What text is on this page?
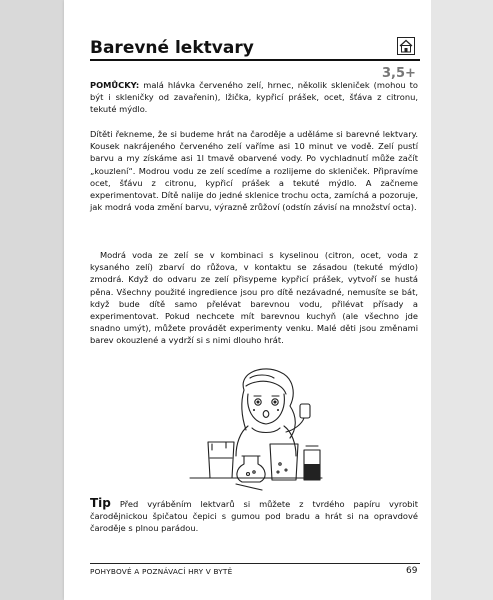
Barevné lektvary
3,5+

POMŮCKY: malá hlávka červeného zelí, hrnec, několik skleniček (mohou to být i skleničky od zavařenin), lžička, kypřicí prášek, ocet, šťáva z citronu, tekuté mýdlo.

Dítěti řekneme, že si budeme hrát na čaroděje a uděláme si barevné lektvary. Kousek nakrájeného červeného zelí vaříme asi 10 minut ve vodě. Zelí pustí barvu a my získáme asi 1l tmavě obarvené vody. Po vychladnutí může začít „kouzlení“. Modrou vodu ze zelí scedíme a rozlijeme do skleniček. Připravíme ocet, šťávu z citronu, kypřicí prášek a tekuté mýdlo. A začneme experimentovat. Dítě nalije do jedné sklenice trochu octa, zamíchá a pozoruje, jak modrá voda změní barvu, výrazně zrůžoví (odstín závisí na množství octa).

Modrá voda ze zelí se v kombinaci s kyselinou (citron, ocet, voda z kysaného zelí) zbarví do růžova, v kontaktu se zásadou (tekuté mýdlo) zmodrá. Když do odvaru ze zelí přisypeme kypřicí prášek, vytvoří se hustá pěna. Všechny použité ingredience jsou pro dítě nezávadné, nemusíte se bát, když bude dítě samo přelévat barevnou vodu, přilévat přísady a experimentovat. Pokud nechcete mít barevnou kuchyň (ale všechno jde snadno umýt), můžete provádět experimenty venku. Malé děti jsou změnami barev okouzlené a vydrží si s nimi dlouho hrát.

Tip Před vyráběním lektvarů si můžete z tvrdého papíru vyrobit čarodějnickou špičatou čepici s gumou pod bradu a hrát si na opravdové čaroděje s plnou parádou.

POHYBOVÉ A POZNÁVACÍ HRY V BYTĚ	69
